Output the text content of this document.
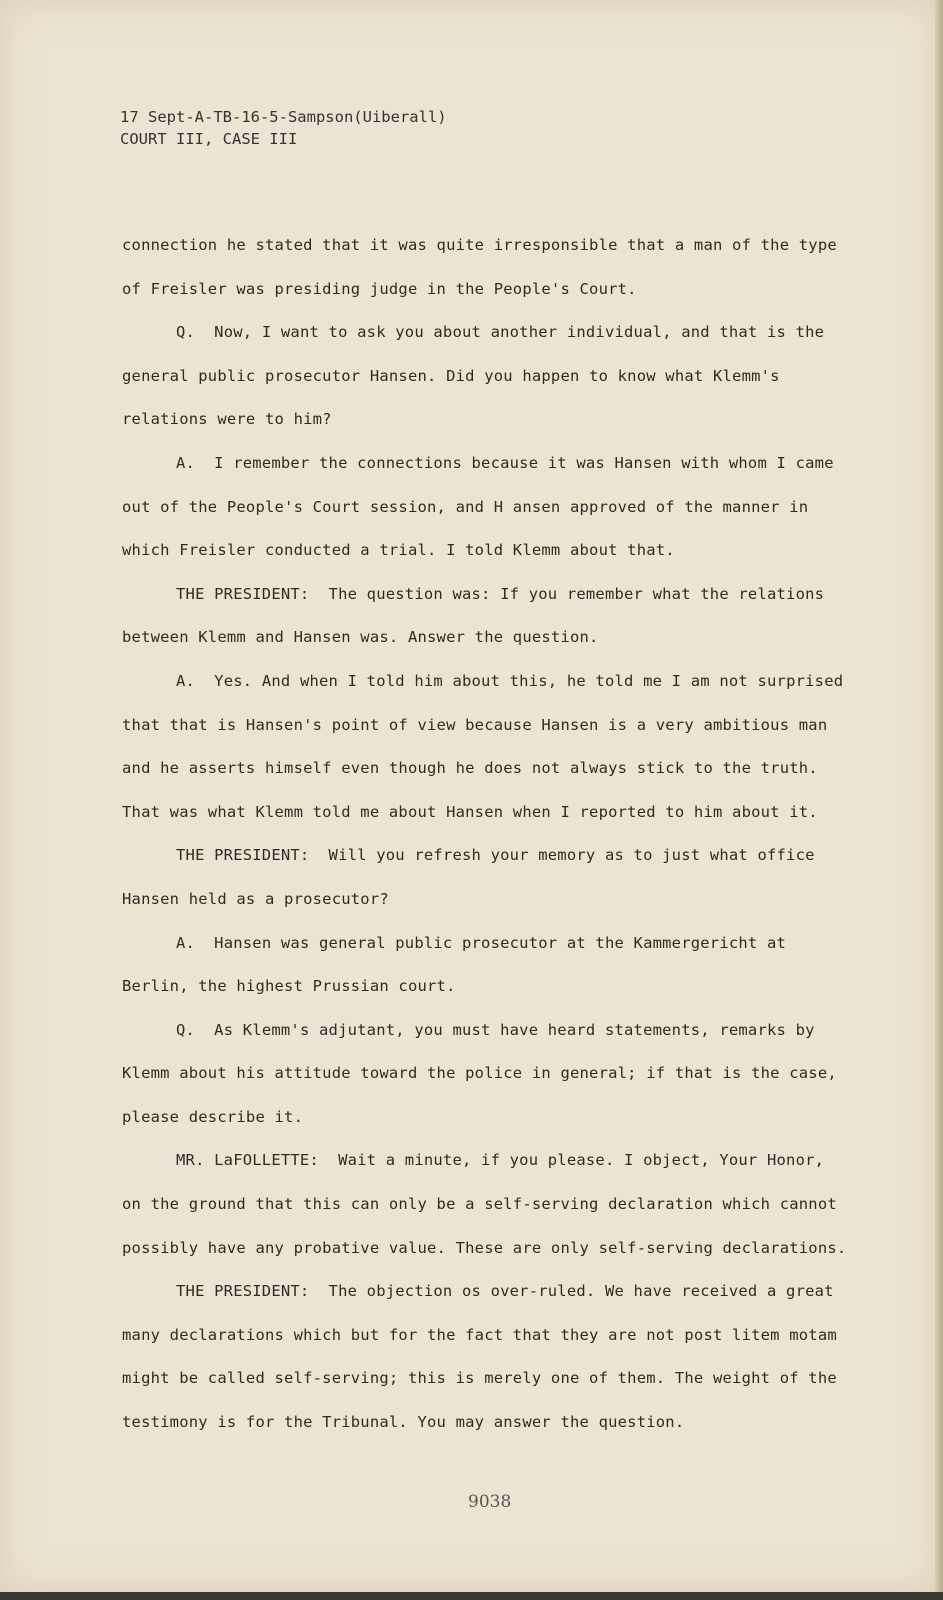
17 Sept-A-TB-16-5-Sampson(Uiberall)
COURT III, CASE III

connection he stated that it was quite irresponsible that a man of the type of Freisler was presiding judge in the People's Court.

Q. Now, I want to ask you about another individual, and that is the general public prosecutor Hansen. Did you happen to know what Klemm's relations were to him?

A. I remember the connections because it was Hansen with whom I came out of the People's Court session, and H ansen approved of the manner in which Freisler conducted a trial. I told Klemm about that.

THE PRESIDENT: The question was: If you remember what the relations between Klemm and Hansen was. Answer the question.

A. Yes. And when I told him about this, he told me I am not surprised that that is Hansen's point of view because Hansen is a very ambitious man and he asserts himself even though he does not always stick to the truth. That was what Klemm told me about Hansen when I reported to him about it.

THE PRESIDENT: Will you refresh your memory as to just what office Hansen held as a prosecutor?

A. Hansen was general public prosecutor at the Kammergericht at Berlin, the highest Prussian court.

Q. As Klemm's adjutant, you must have heard statements, remarks by Klemm about his attitude toward the police in general; if that is the case, please describe it.

MR. LaFOLLETTE: Wait a minute, if you please. I object, Your Honor, on the ground that this can only be a self-serving declaration which cannot possibly have any probative value. These are only self-serving declarations.

THE PRESIDENT: The objection os over-ruled. We have received a great many declarations which but for the fact that they are not post litem motam might be called self-serving; this is merely one of them. The weight of the testimony is for the Tribunal. You may answer the question.

9038
